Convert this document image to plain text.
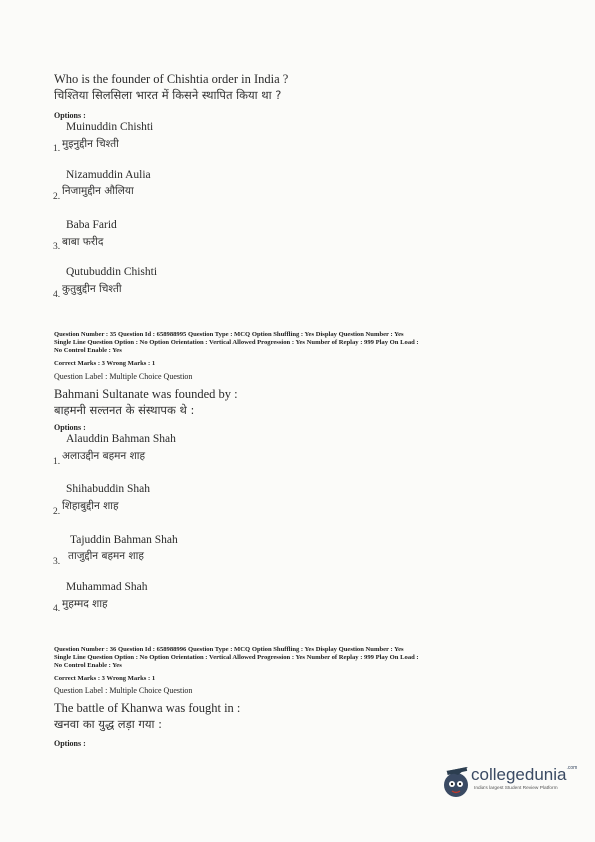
Who is the founder of Chishtia order in India ?
चिश्तिया सिलसिला भारत में किसने स्थापित किया था ?
Options :
Muinuddin Chishti
मुइनुद्दीन चिश्ती
1.
Nizamuddin Aulia
निजामुद्दीन औलिया
2.
Baba Farid
बाबा फरीद
3.
Qutubuddin Chishti
कुतुबुद्दीन चिश्ती
4.
Question Number : 35 Question Id : 658988995 Question Type : MCQ Option Shuffling : Yes Display Question Number : Yes
Single Line Question Option : No Option Orientation : Vertical Allowed Progression : Yes Number of Replay : 999 Play On Load :
No Control Enable : Yes
Correct Marks : 3 Wrong Marks : 1
Question Label : Multiple Choice Question
Bahmani Sultanate was founded by :
बाहमनी सल्तनत के संस्थापक थे :
Options :
Alauddin Bahman Shah
अलाउद्दीन बहमन शाह
1.
Shihabuddin Shah
शिहाबुद्दीन शाह
2.
Tajuddin Bahman Shah
ताजुद्दीन बहमन शाह
3.
Muhammad Shah
मुहम्मद शाह
4.
Question Number : 36 Question Id : 658988996 Question Type : MCQ Option Shuffling : Yes Display Question Number : Yes
Single Line Question Option : No Option Orientation : Vertical Allowed Progression : Yes Number of Replay : 999 Play On Load :
No Control Enable : Yes
Correct Marks : 3 Wrong Marks : 1
Question Label : Multiple Choice Question
The battle of Khanwa was fought in :
खनवा का युद्ध लड़ा गया :
Options :
collegedunia$^{.com}$
India's largest Student Review Platform
